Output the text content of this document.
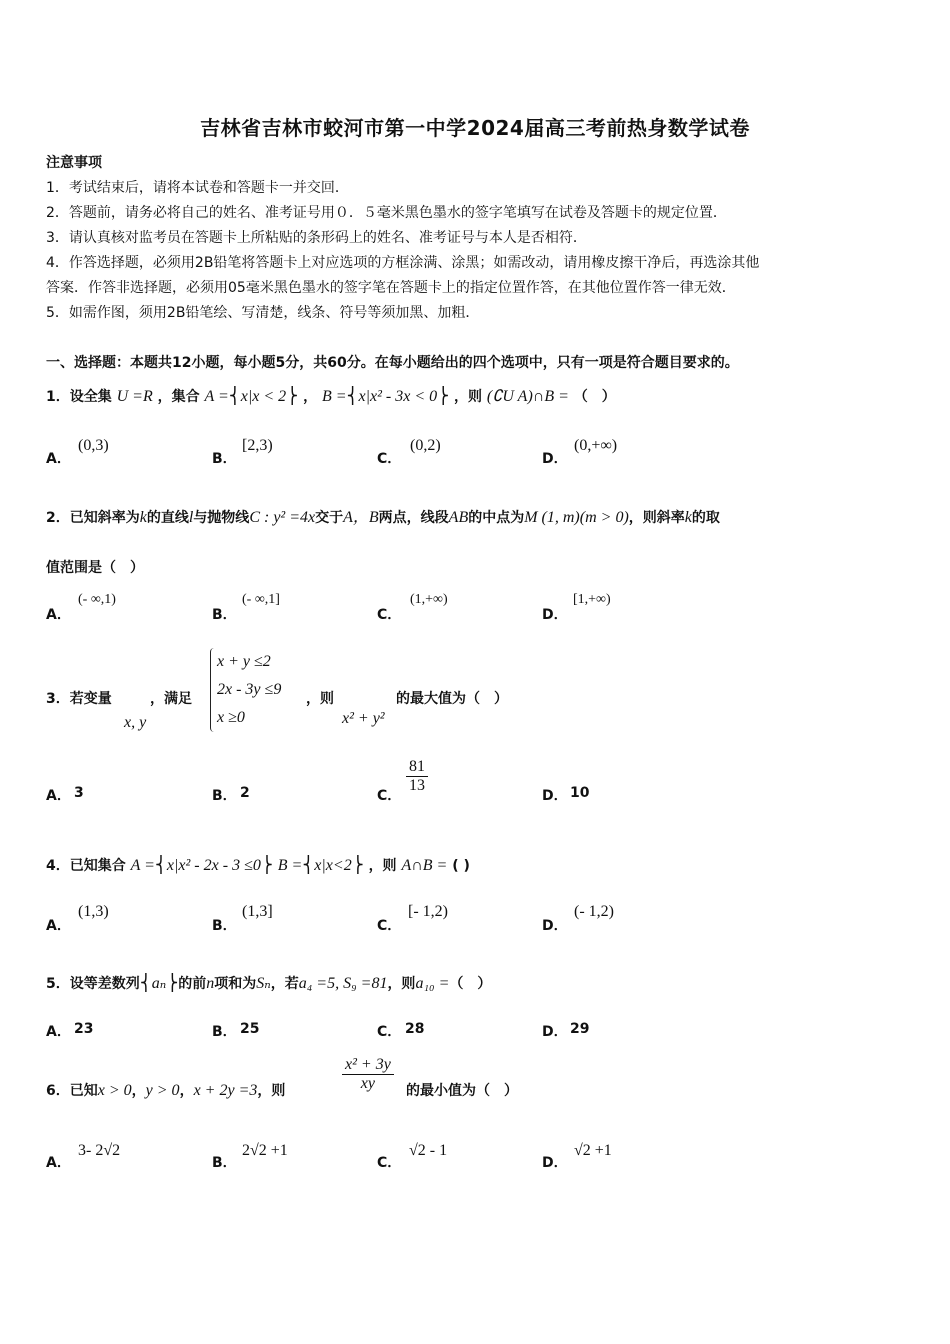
吉林省吉林市蛟河市第一中学2024届高三考前热身数学试卷
注意事项
1．考试结束后，请将本试卷和答题卡一并交回．
2．答题前，请务必将自己的姓名、准考证号用０．５毫米黑色墨水的签字笔填写在试卷及答题卡的规定位置．
3．请认真核对监考员在答题卡上所粘贴的条形码上的姓名、准考证号与本人是否相符．
4．作答选择题，必须用2B铅笔将答题卡上对应选项的方框涂满、涂黑；如需改动，请用橡皮擦干净后，再选涂其他
答案．作答非选择题，必须用05毫米黑色墨水的签字笔在答题卡上的指定位置作答，在其他位置作答一律无效．
5．如需作图，须用2B铅笔绘、写清楚，线条、符号等须加黑、加粗．
一、选择题：本题共12小题，每小题5分，共60分。在每小题给出的四个选项中，只有一项是符合题目要求的。
1．设全集 U =R ，集合 A =⎨x|x < 2⎬ ， B =⎨x|x² - 3x < 0⎬ ，则 (∁U A)∩B = （　）
A．
(0,3)
B．
[2,3)
C．
(0,2)
D．
(0,+∞)
2．已知斜率为k的直线l与抛物线C : y² =4x交于A，B两点，线段AB的中点为M (1, m)(m > 0)，则斜率k的取
值范围是（　）
A．
(- ∞,1)
B．
(- ∞,1]
C．
(1,+∞)
D．
[1,+∞)
3．若变量
x, y
，满足
x + y ≤2
2x - 3y ≤9
x ≥0
，则
x² + y²
的最大值为（　）
A． 3	B． 2	C．
$\frac{81}{13}$
D． 10
4．已知集合 A =⎨x|x² - 2x - 3 ≤0⎬ B =⎨x|x<2⎬ ，则 A∩B = ( )
A．
(1,3)
B．
(1,3]
C．
[- 1,2)
D．
(- 1,2)
5．设等差数列⎨aₙ⎬的前n项和为Sₙ，若a₄ =5, S₉ =81，则a₁₀ =（　）
A． 23	B． 25	C． 28	D． 29
6．已知x > 0，y > 0，x + 2y =3，则	$\frac{\text{x² + 3y}}{xy}$ 的最小值为（　）
A．
3- 2√2
B．
2√2 +1
C．
√2 - 1
D．
√2 +1
